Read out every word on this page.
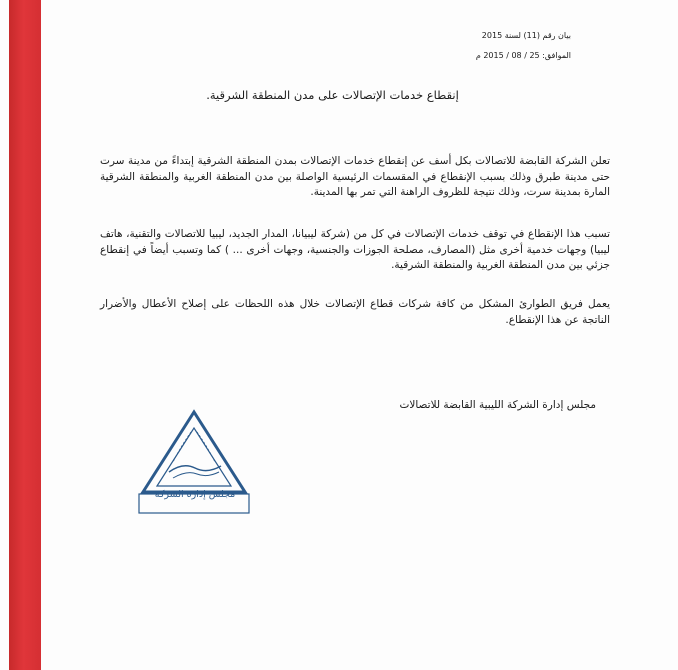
بيان رقم (11) لسنة 2015
الموافق: 25 / 08 / 2015 م
إنقطاع خدمات الإتصالات على مدن المنطقة الشرقية.
تعلن الشركة القابضة للاتصالات بكل أسف عن إنقطاع خدمات الإتصالات بمدن المنطقة الشرقية إبتداءً من مدينة سرت حتى مدينة طبرق وذلك بسبب الإنقطاع في المقسمات الرئيسية الواصلة بين مدن المنطقة الغربية والمنطقة الشرقية المارة بمدينة سرت، وذلك نتيجة للظروف الراهنة التي تمر بها المدينة.
تسبب هذا الإنقطاع في توقف خدمات الإتصالات في كل من (شركة ليبيانا، المدار الجديد، ليبيا للاتصالات والتقنية، هاتف ليبيا) وجهات خدمية أخرى مثل (المصارف، مصلحة الجوزات والجنسية، وجهات أخرى ... ) كما وتسبب أيضاً في إنقطاع جزئي بين مدن المنطقة الغربية والمنطقة الشرقية.
يعمل فريق الطوارئ المشكل من كافة شركات قطاع الإتصالات خلال هذه اللحظات على إصلاح الأعطال والأضرار الناتجة عن هذا الإنقطاع.
مجلس إدارة الشركة الليبية القابضة للاتصالات
مجلس إدارة الشركة
